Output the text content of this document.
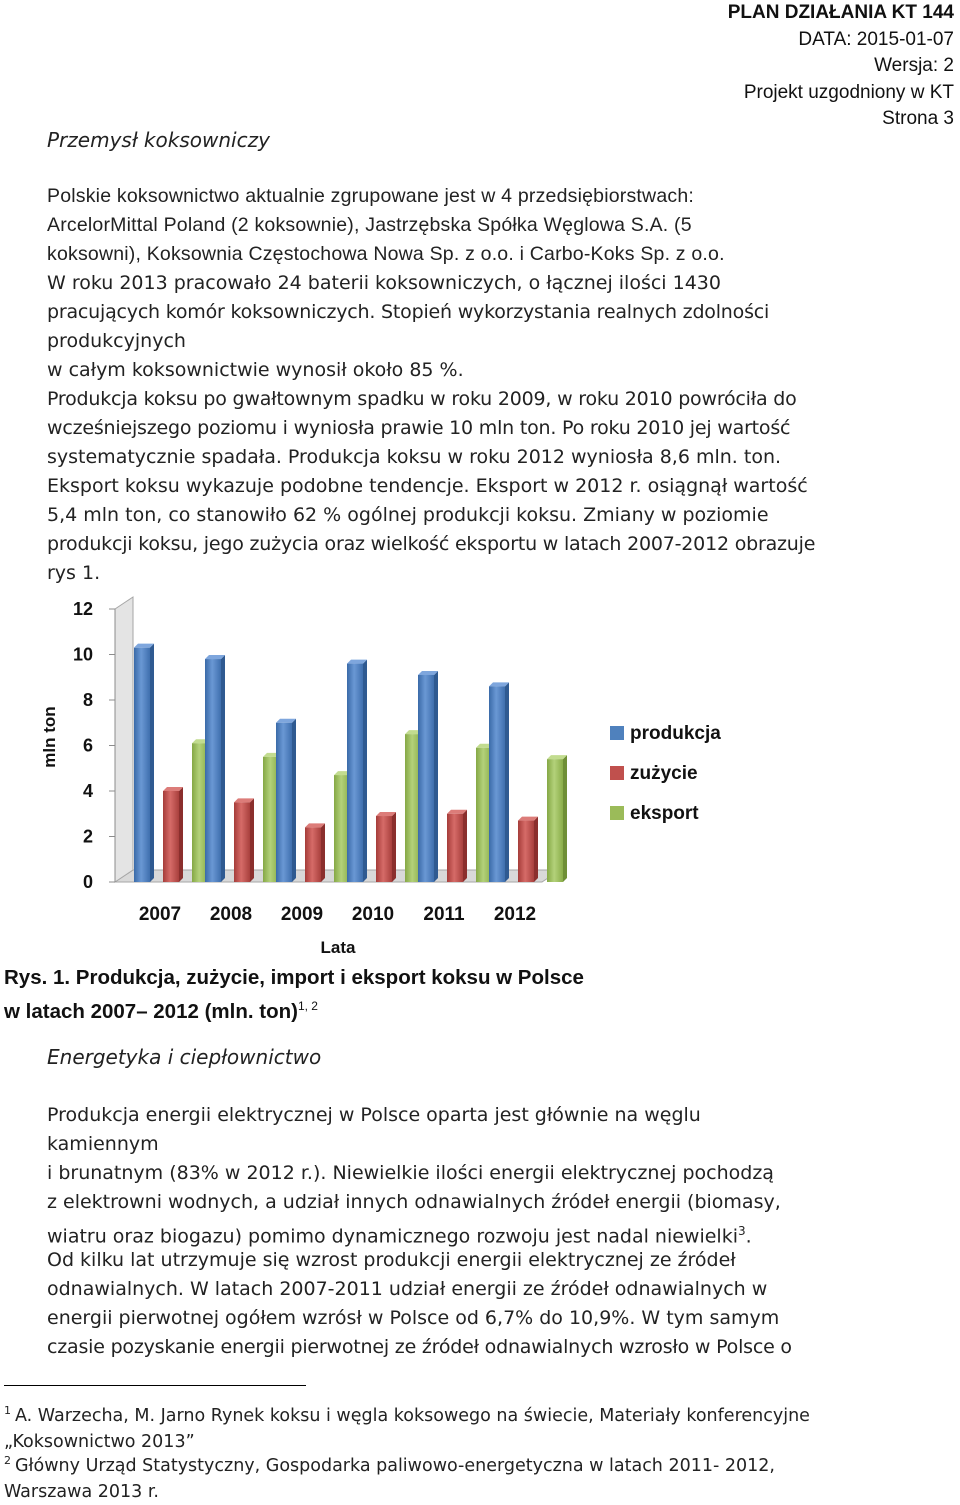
PLAN DZIAŁANIA KT 144
DATA: 2015-01-07
Wersja: 2
Projekt uzgodniony w KT
Strona 3
Przemysł koksowniczy
Polskie koksownictwo aktualnie zgrupowane jest w 4 przedsiębiorstwach:
ArcelorMittal Poland (2 koksownie), Jastrzębska Spółka Węglowa S.A. (5
koksowni), Koksownia Częstochowa Nowa Sp. z o.o. i Carbo-Koks Sp. z o.o.
W roku 2013 pracowało 24 baterii koksowniczych, o łącznej ilości 1430
pracujących komór koksowniczych. Stopień wykorzystania realnych zdolności
produkcyjnych
w całym koksownictwie wynosił około 85 %.
Produkcja koksu po gwałtownym spadku w roku 2009, w roku 2010 powróciła do
wcześniejszego poziomu i wyniosła prawie 10 mln ton. Po roku 2010 jej wartość
systematycznie spadała. Produkcja koksu w roku 2012 wyniosła 8,6 mln. ton.
Eksport koksu wykazuje podobne tendencje. Eksport w 2012 r. osiągnął wartość
5,4 mln ton, co stanowiło 62 % ogólnej produkcji koksu. Zmiany w poziomie
produkcji koksu, jego zużycia oraz wielkość eksportu w latach 2007-2012 obrazuje
rys 1.
0
2
4
6
8
10
12
2007 2008 2009 2010 2011 2012
Lata
mln ton	produkcja
zużycie
eksport
Rys. 1. Produkcja, zużycie, import i eksport koksu w Polsce
w latach 2007– 2012 (mln. ton)$^{1, 2}$
Energetyka i ciepłownictwo
Produkcja energii elektrycznej w Polsce oparta jest głównie na węglu
kamiennym
i brunatnym (83% w 2012 r.). Niewielkie ilości energii elektrycznej pochodzą
z elektrowni wodnych, a udział innych odnawialnych źródeł energii (biomasy,
wiatru oraz biogazu) pomimo dynamicznego rozwoju jest nadal niewielki$^3$.
Od kilku lat utrzymuje się wzrost produkcji energii elektrycznej ze źródeł
odnawialnych. W latach 2007-2011 udział energii ze źródeł odnawialnych w
energii pierwotnej ogółem wzrósł w Polsce od 6,7% do 10,9%. W tym samym
czasie pozyskanie energii pierwotnej ze źródeł odnawialnych wzrosło w Polsce o
$^1$ A. Warzecha, M. Jarno Rynek koksu i węgla koksowego na świecie, Materiały konferencyjne
„Koksownictwo 2013”
$^2$ Główny Urząd Statystyczny, Gospodarka paliwowo-energetyczna w latach 2011- 2012,
Warszawa 2013 r.
